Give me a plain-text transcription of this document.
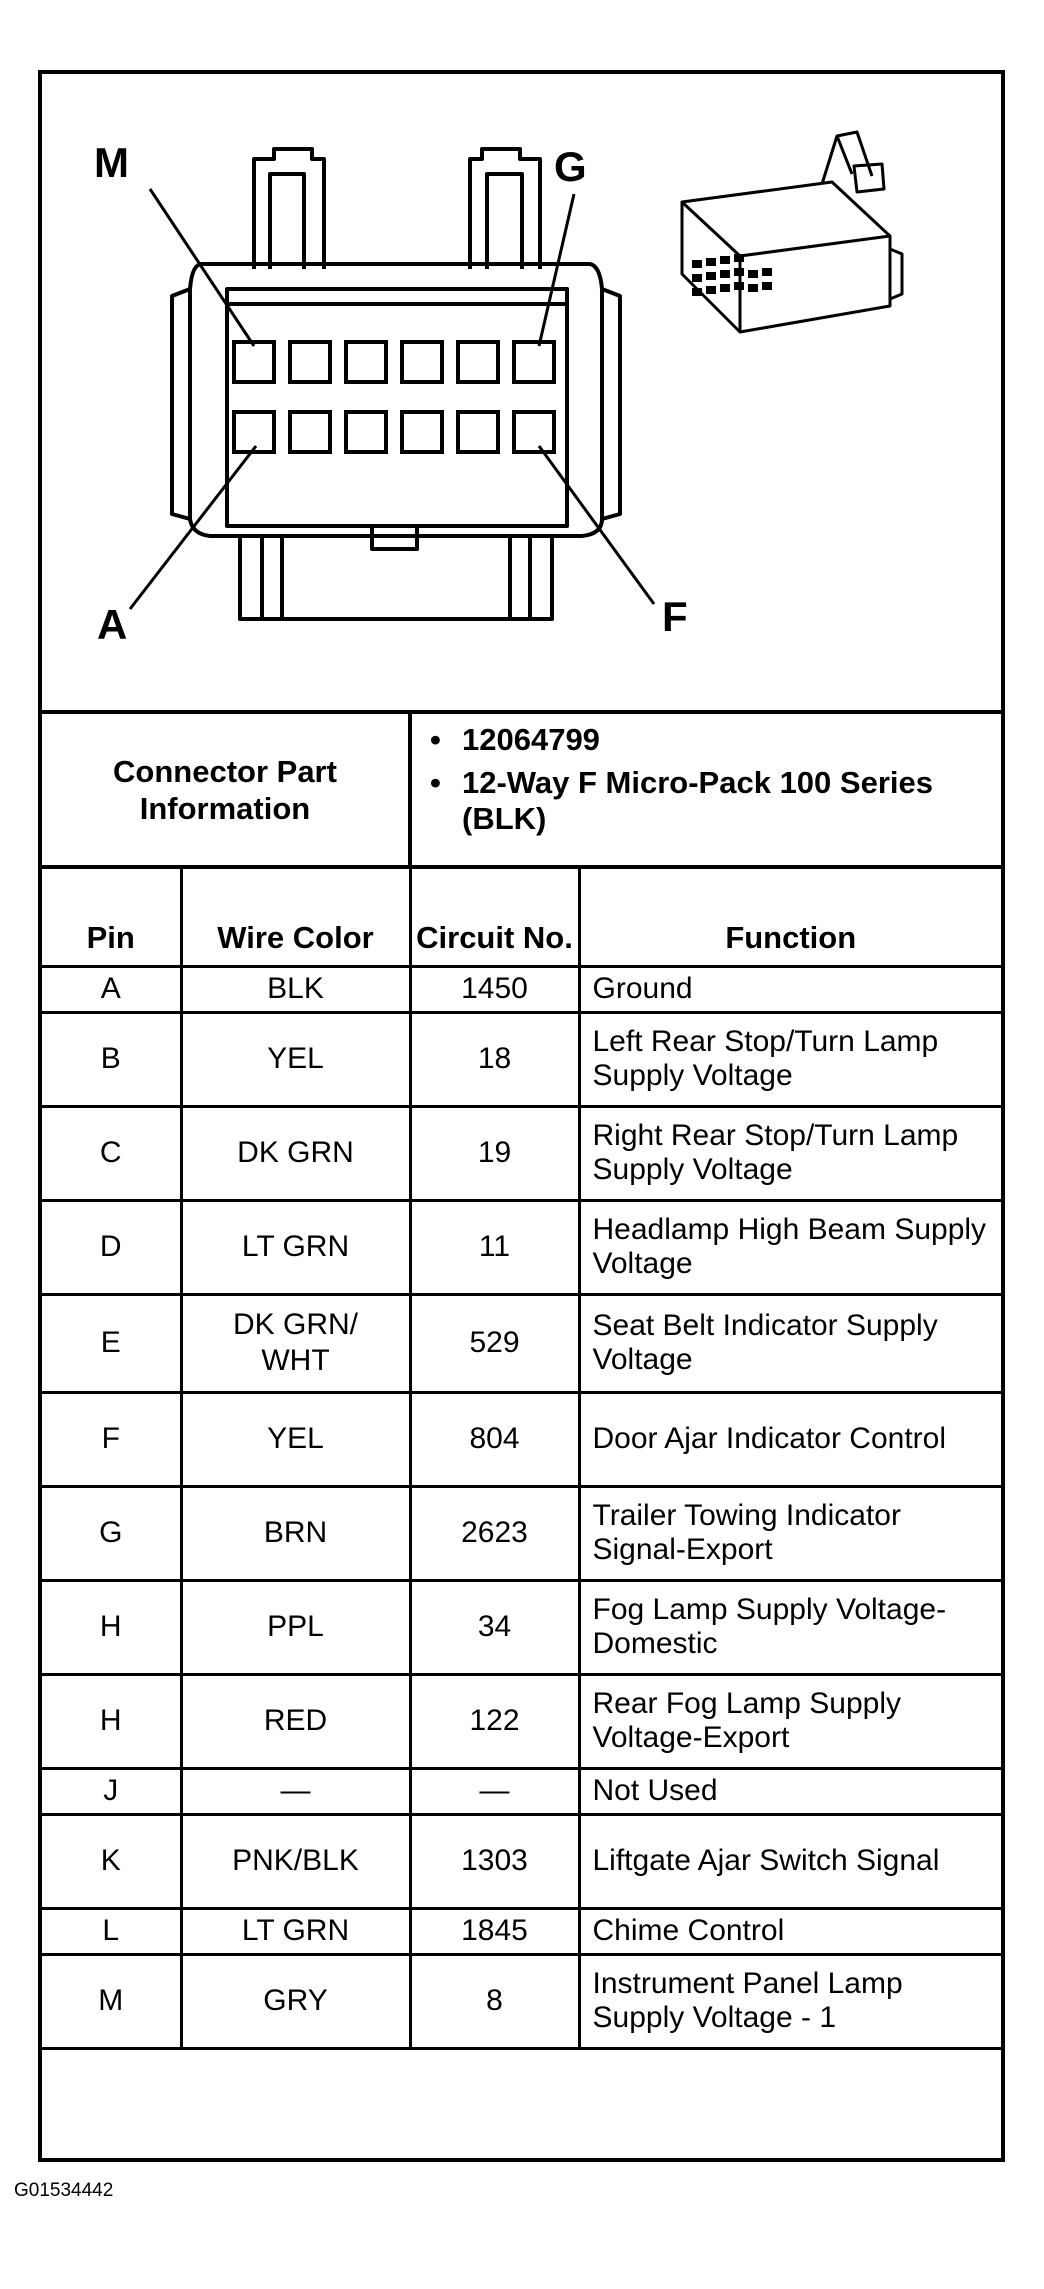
M	G
A	F
Connector Part Information
• 12064799
• 12-Way F Micro-Pack 100 Series (BLK)
Pin	Wire Color	Circuit No.	Function
A	BLK	1450	Ground
B	YEL	18	Left Rear Stop/Turn Lamp Supply Voltage
C	DK GRN	19	Right Rear Stop/Turn Lamp Supply Voltage
D	LT GRN	11	Headlamp High Beam Supply Voltage
E	DK GRN/ WHT	529	Seat Belt Indicator Supply Voltage
F	YEL	804	Door Ajar Indicator Control
G	BRN	2623	Trailer Towing Indicator Signal-Export
H	PPL	34	Fog Lamp Supply Voltage-Domestic
H	RED	122	Rear Fog Lamp Supply Voltage-Export
J	—	—	Not Used
K	PNK/BLK	1303	Liftgate Ajar Switch Signal
L	LT GRN	1845	Chime Control
M	GRY	8	Instrument Panel Lamp Supply Voltage - 1
G01534442
